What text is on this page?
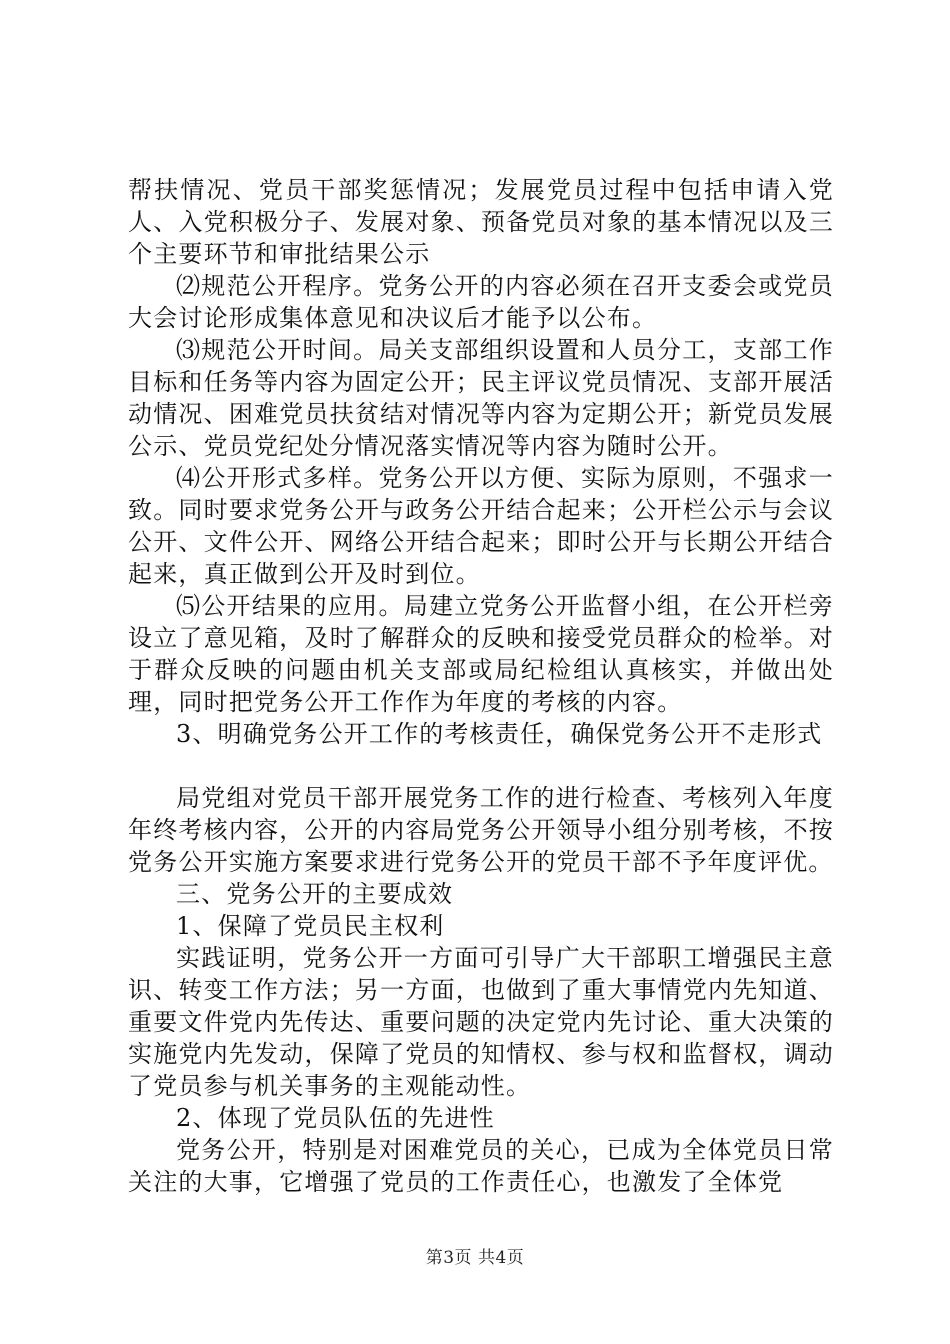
帮扶情况、党员干部奖惩情况；发展党员过程中包括申请入党人、入党积极分子、发展对象、预备党员对象的基本情况以及三个主要环节和审批结果公示

⑵规范公开程序。党务公开的内容必须在召开支委会或党员大会讨论形成集体意见和决议后才能予以公布。

⑶规范公开时间。局关支部组织设置和人员分工，支部工作目标和任务等内容为固定公开；民主评议党员情况、支部开展活动情况、困难党员扶贫结对情况等内容为定期公开；新党员发展公示、党员党纪处分情况落实情况等内容为随时公开。

⑷公开形式多样。党务公开以方便、实际为原则，不强求一致。同时要求党务公开与政务公开结合起来；公开栏公示与会议公开、文件公开、网络公开结合起来；即时公开与长期公开结合起来，真正做到公开及时到位。

⑸公开结果的应用。局建立党务公开监督小组，在公开栏旁设立了意见箱，及时了解群众的反映和接受党员群众的检举。对于群众反映的问题由机关支部或局纪检组认真核实，并做出处理，同时把党务公开工作作为年度的考核的内容。

3、明确党务公开工作的考核责任，确保党务公开不走形式

局党组对党员干部开展党务工作的进行检查、考核列入年度年终考核内容，公开的内容局党务公开领导小组分别考核，不按党务公开实施方案要求进行党务公开的党员干部不予年度评优。

三、党务公开的主要成效

1、保障了党员民主权利

实践证明，党务公开一方面可引导广大干部职工增强民主意识、转变工作方法；另一方面，也做到了重大事情党内先知道、重要文件党内先传达、重要问题的决定党内先讨论、重大决策的实施党内先发动，保障了党员的知情权、参与权和监督权，调动了党员参与机关事务的主观能动性。

2、体现了党员队伍的先进性

党务公开，特别是对困难党员的关心，已成为全体党员日常关注的大事，它增强了党员的工作责任心，也激发了全体党

第3页 共4页
